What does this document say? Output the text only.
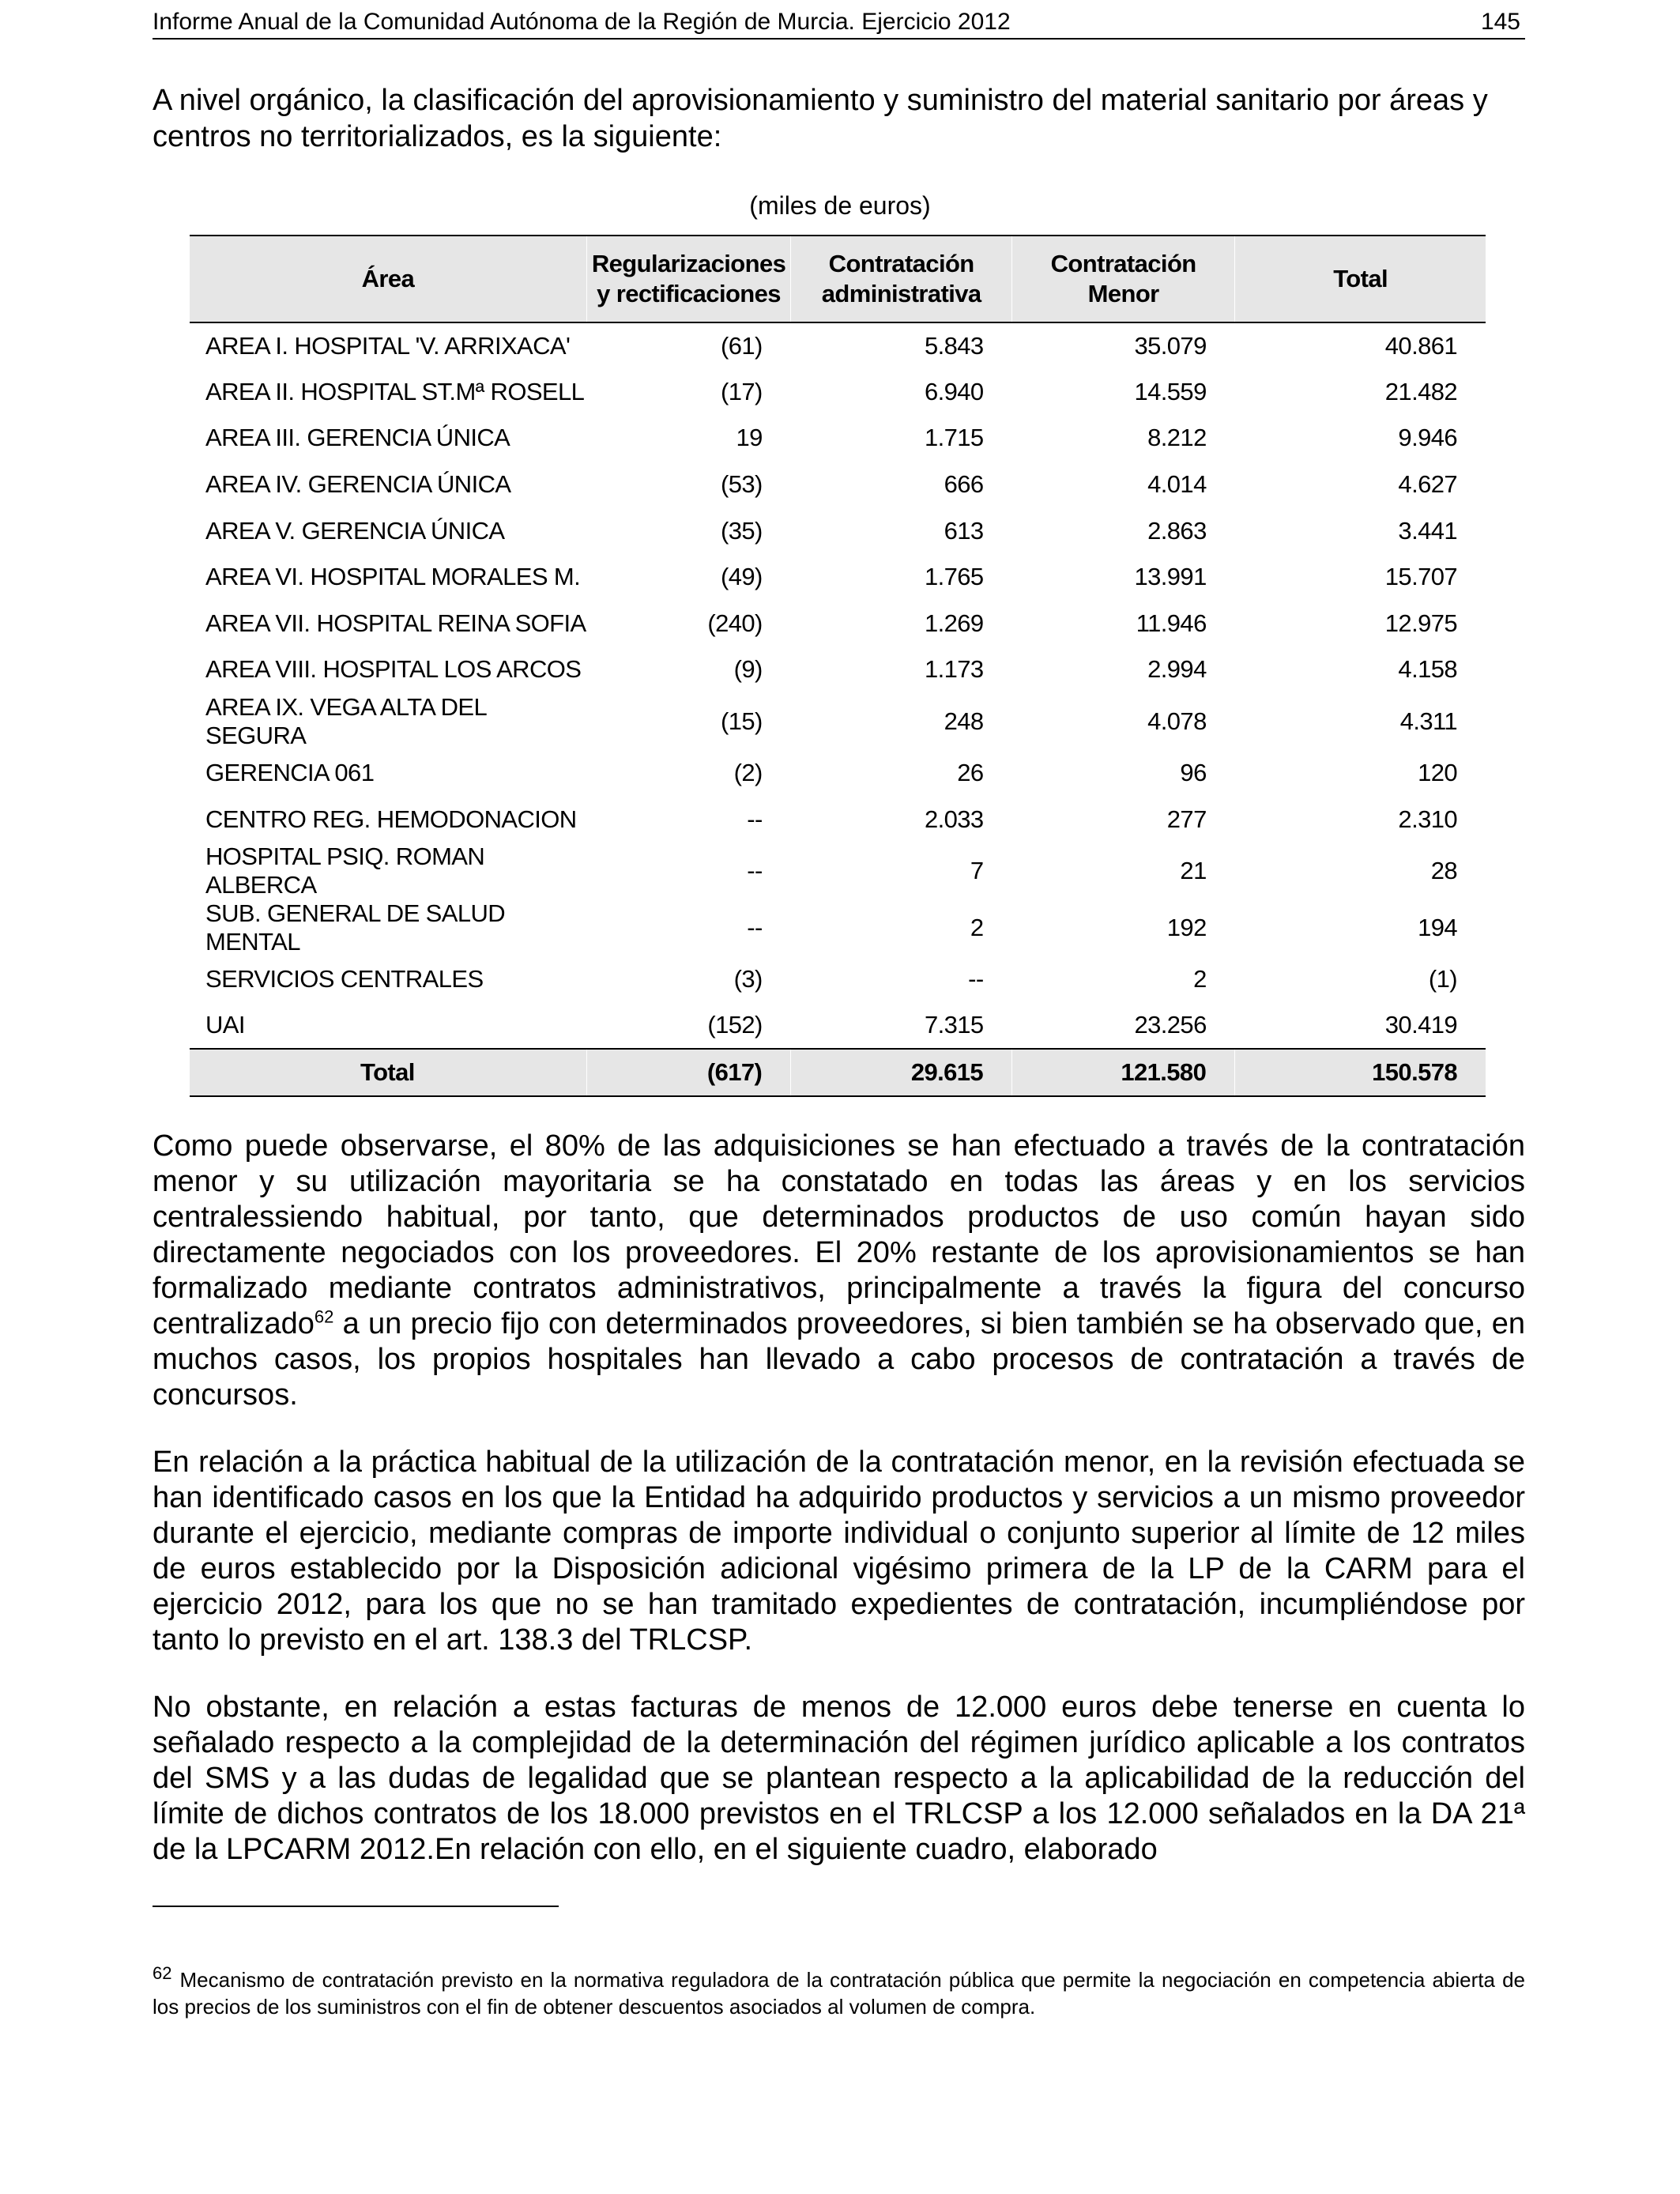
Informe Anual de la Comunidad Autónoma de la Región de Murcia. Ejercicio 2012	145

A nivel orgánico, la clasificación del aprovisionamiento y suministro del material sanitario por áreas y centros no territorializados, es la siguiente:

(miles de euros)
Área	Regularizaciones y rectificaciones	Contratación administrativa	Contratación Menor	Total
AREA I. HOSPITAL 'V. ARRIXACA'	(61)	5.843	35.079	40.861
AREA II. HOSPITAL ST.Mª ROSELL	(17)	6.940	14.559	21.482
AREA III. GERENCIA ÚNICA	19	1.715	8.212	9.946
AREA IV. GERENCIA ÚNICA	(53)	666	4.014	4.627
AREA V. GERENCIA ÚNICA	(35)	613	2.863	3.441
AREA VI. HOSPITAL MORALES M.	(49)	1.765	13.991	15.707
AREA VII. HOSPITAL REINA SOFIA	(240)	1.269	11.946	12.975
AREA VIII. HOSPITAL LOS ARCOS	(9)	1.173	2.994	4.158
AREA IX. VEGA ALTA DEL SEGURA	(15)	248	4.078	4.311
GERENCIA 061	(2)	26	96	120
CENTRO REG. HEMODONACION	--	2.033	277	2.310
HOSPITAL PSIQ. ROMAN ALBERCA	--	7	21	28
SUB. GENERAL DE SALUD MENTAL	--	2	192	194
SERVICIOS CENTRALES	(3)	--	2	(1)
UAI	(152)	7.315	23.256	30.419
Total	(617)	29.615	121.580	150.578

Como puede observarse, el 80% de las adquisiciones se han efectuado a través de la contratación menor y su utilización mayoritaria se ha constatado en todas las áreas y en los servicios centralessiendo habitual, por tanto, que determinados productos de uso común hayan sido directamente negociados con los proveedores. El 20% restante de los aprovisionamientos se han formalizado mediante contratos administrativos, principalmente a través la figura del concurso centralizado$^{62}$ a un precio fijo con determinados proveedores, si bien también se ha observado que, en muchos casos, los propios hospitales han llevado a cabo procesos de contratación a través de concursos.

En relación a la práctica habitual de la utilización de la contratación menor, en la revisión efectuada se han identificado casos en los que la Entidad ha adquirido productos y servicios a un mismo proveedor durante el ejercicio, mediante compras de importe individual o conjunto superior al límite de 12 miles de euros establecido por la Disposición adicional vigésimo primera de la LP de la CARM para el ejercicio 2012, para los que no se han tramitado expedientes de contratación, incumpliéndose por tanto lo previsto en el art. 138.3 del TRLCSP.

No obstante, en relación a estas facturas de menos de 12.000 euros debe tenerse en cuenta lo señalado respecto a la complejidad de la determinación del régimen jurídico aplicable a los contratos del SMS y a las dudas de legalidad que se plantean respecto a la aplicabilidad de la reducción del límite de dichos contratos de los 18.000 previstos en el TRLCSP a los 12.000 señalados en la DA 21ª de la LPCARM 2012.En relación con ello, en el siguiente cuadro, elaborado

$^{62}$ Mecanismo de contratación previsto en la normativa reguladora de la contratación pública que permite la negociación en competencia abierta de los precios de los suministros con el fin de obtener descuentos asociados al volumen de compra.
